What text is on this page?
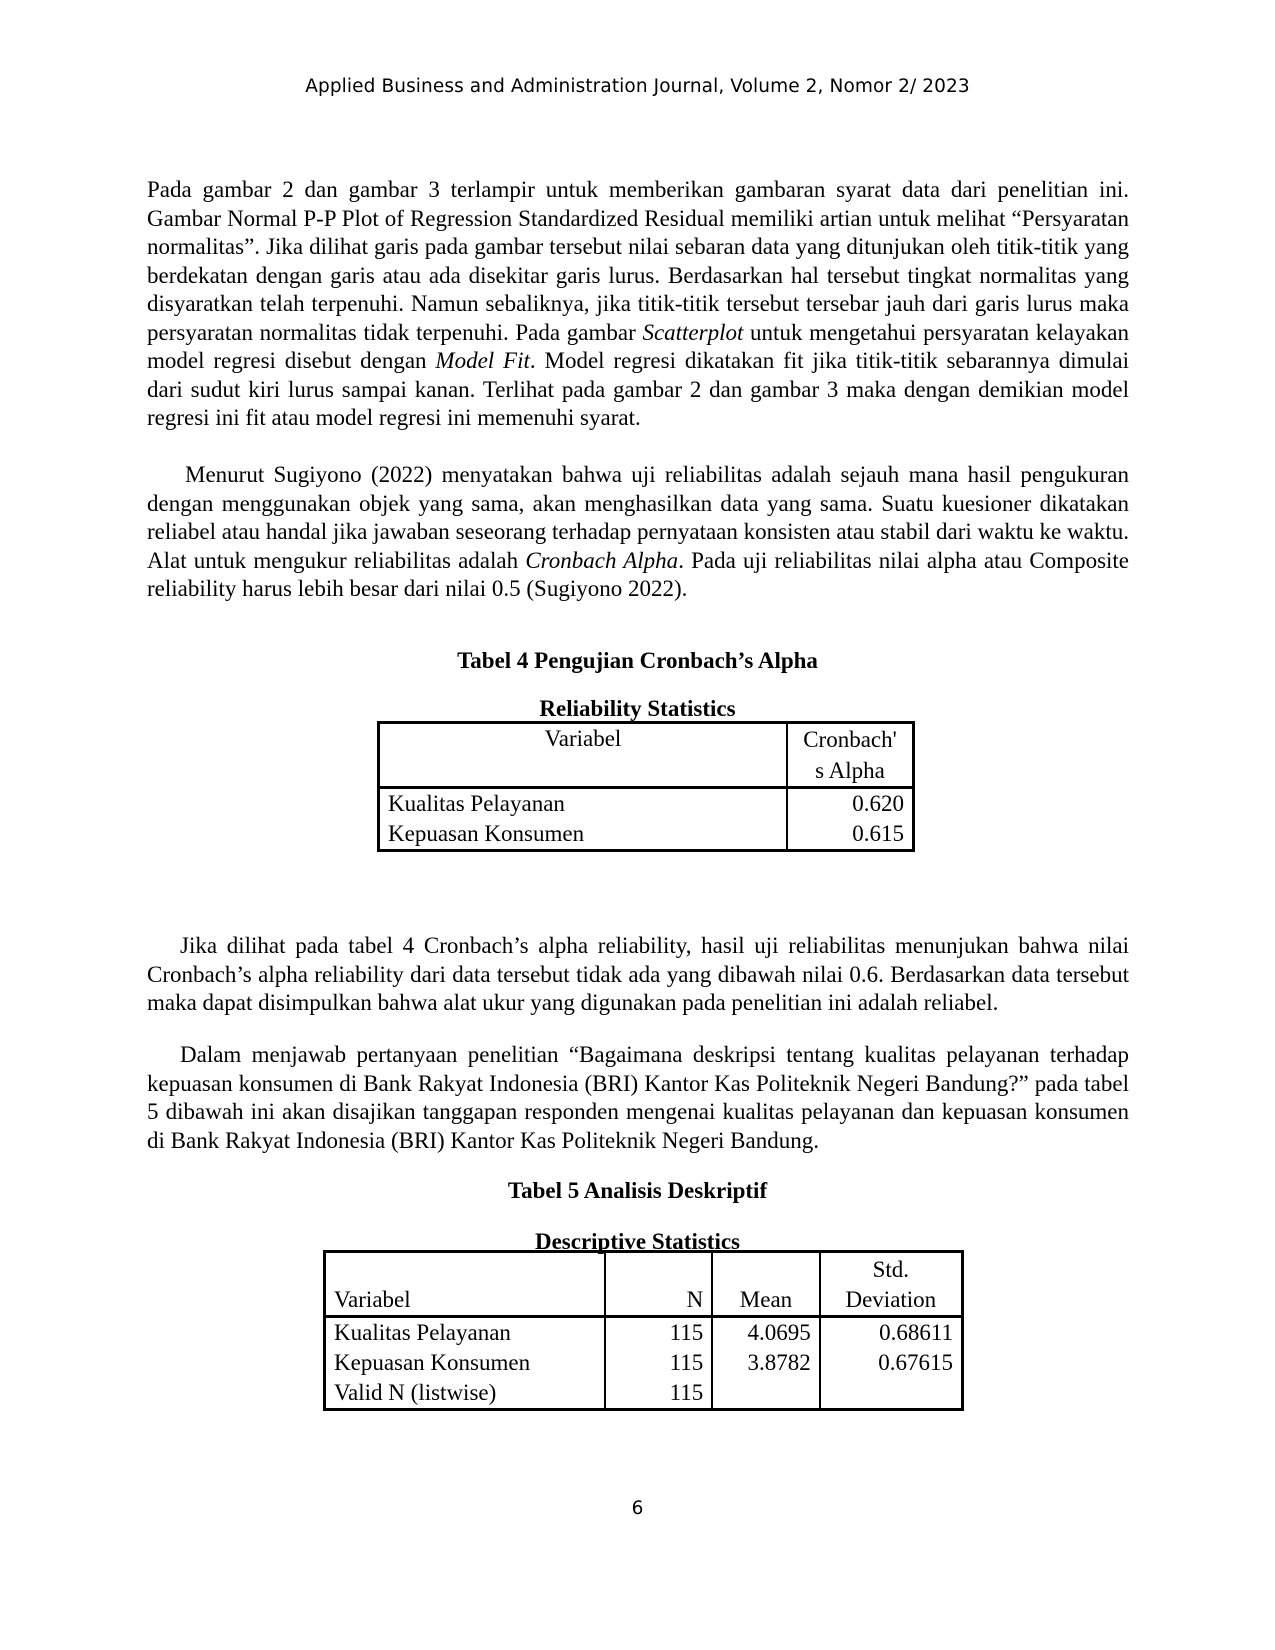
Applied Business and Administration Journal, Volume 2, Nomor 2/ 2023

Pada gambar 2 dan gambar 3 terlampir untuk memberikan gambaran syarat data dari penelitian ini. Gambar Normal P-P Plot of Regression Standardized Residual memiliki artian untuk melihat “Persyaratan normalitas”. Jika dilihat garis pada gambar tersebut nilai sebaran data yang ditunjukan oleh titik-titik yang berdekatan dengan garis atau ada disekitar garis lurus. Berdasarkan hal tersebut tingkat normalitas yang disyaratkan telah terpenuhi. Namun sebaliknya, jika titik-titik tersebut tersebar jauh dari garis lurus maka persyaratan normalitas tidak terpenuhi. Pada gambar Scatterplot untuk mengetahui persyaratan kelayakan model regresi disebut dengan Model Fit. Model regresi dikatakan fit jika titik-titik sebarannya dimulai dari sudut kiri lurus sampai kanan. Terlihat pada gambar 2 dan gambar 3 maka dengan demikian model regresi ini fit atau model regresi ini memenuhi syarat.

Menurut Sugiyono (2022) menyatakan bahwa uji reliabilitas adalah sejauh mana hasil pengukuran dengan menggunakan objek yang sama, akan menghasilkan data yang sama. Suatu kuesioner dikatakan reliabel atau handal jika jawaban seseorang terhadap pernyataan konsisten atau stabil dari waktu ke waktu. Alat untuk mengukur reliabilitas adalah Cronbach Alpha. Pada uji reliabilitas nilai alpha atau Composite reliability harus lebih besar dari nilai 0.5 (Sugiyono 2022).

Tabel 4 Pengujian Cronbach’s Alpha
Reliability Statistics
Variabel	Cronbach'
s Alpha
Kualitas Pelayanan	0.620
Kepuasan Konsumen	0.615

Jika dilihat pada tabel 4 Cronbach’s alpha reliability, hasil uji reliabilitas menunjukan bahwa nilai Cronbach’s alpha reliability dari data tersebut tidak ada yang dibawah nilai 0.6. Berdasarkan data tersebut maka dapat disimpulkan bahwa alat ukur yang digunakan pada penelitian ini adalah reliabel.

Dalam menjawab pertanyaan penelitian “Bagaimana deskripsi tentang kualitas pelayanan terhadap kepuasan konsumen di Bank Rakyat Indonesia (BRI) Kantor Kas Politeknik Negeri Bandung?” pada tabel 5 dibawah ini akan disajikan tanggapan responden mengenai kualitas pelayanan dan kepuasan konsumen di Bank Rakyat Indonesia (BRI) Kantor Kas Politeknik Negeri Bandung.

Tabel 5 Analisis Deskriptif
Descriptive Statistics
Variabel	N	Mean	Std.
Deviation
Kualitas Pelayanan	115	4.0695	0.68611
Kepuasan Konsumen	115	3.8782	0.67615
Valid N (listwise)	115		
6
